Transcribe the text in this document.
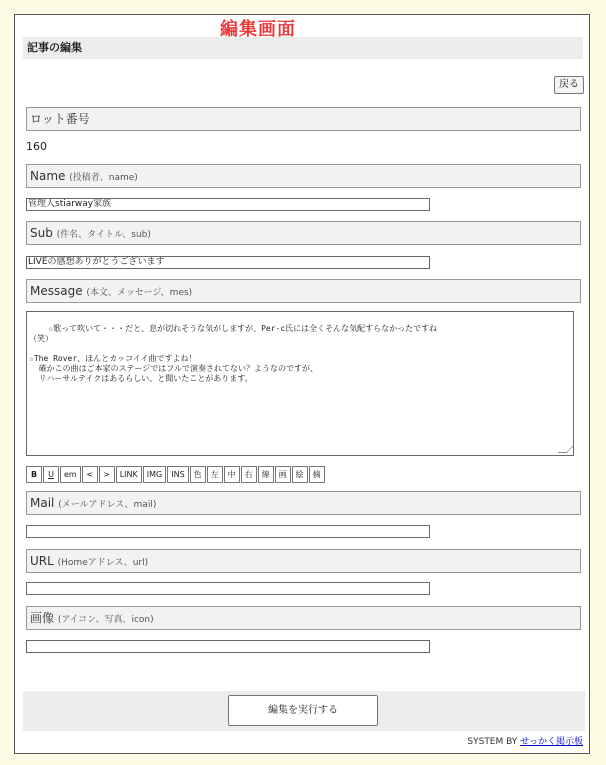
記事の編集
戻る
ロット番号
160
Name (投稿者、name)
管理人stiarway家族
Sub (件名、タイトル、sub)
LIVEの感想ありがとうございます
Message (本文、メッセージ、mes)

☆歌って吹いて・・・だと、息が切れそうな気がしますが、Per-c氏には全くそんな気配すらなかったですね
（笑）

☆The Rover、ほんとカッコイイ曲ですよね！
確かこの曲はご本家のステージではフルで演奏されてない？ようなのですが、
リハーサルテイクはあるらしい、と聞いたことがあります。

B	U	em	<	>	LINK	IMG	INS	色	左	中	右	線	画	絵	摘
Mail (メールアドレス、mail)
URL (Homeアドレス、url)
画像 (アイコン、写真、icon)
編集を実行する
SYSTEM BY せっかく掲示板
編集画面
